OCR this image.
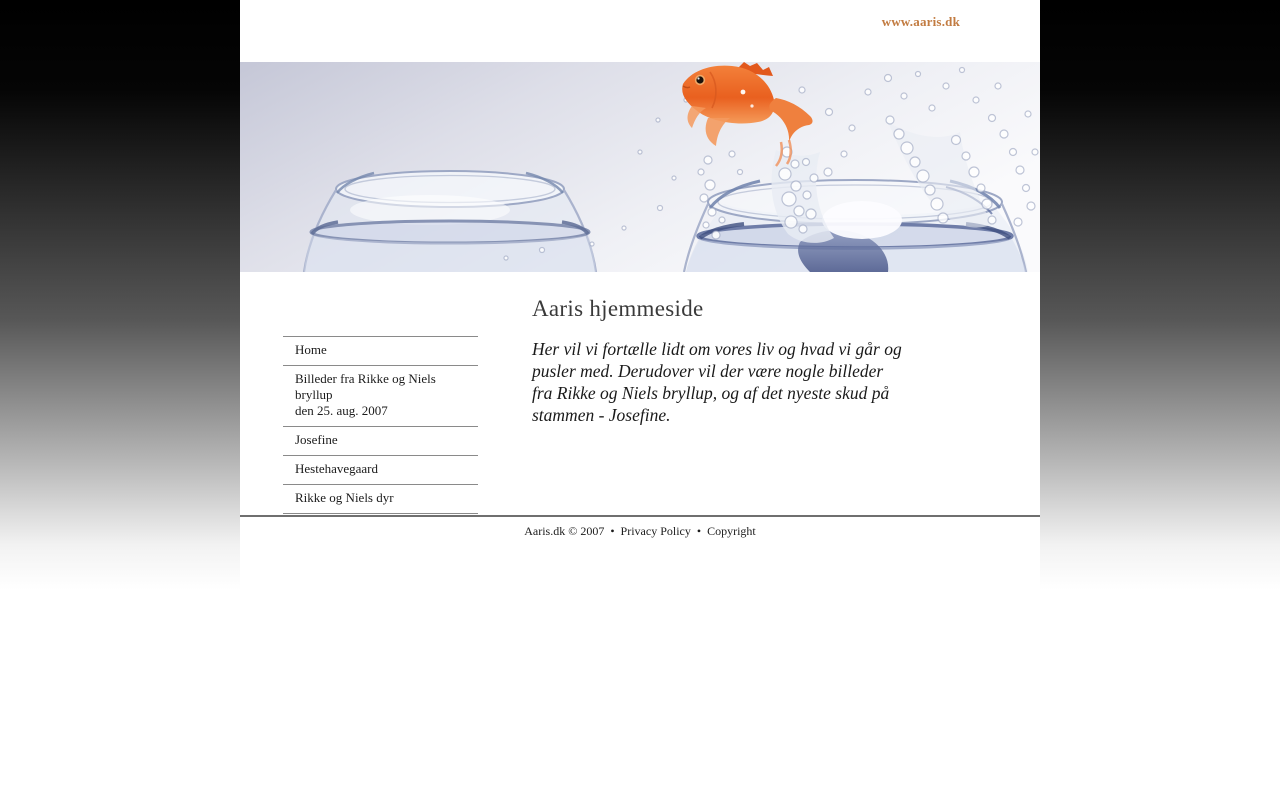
www.aaris.dk
Home
Billeder fra Rikke og Niels bryllup
den 25. aug. 2007
Josefine
Hestehavegaard
Rikke og Niels dyr
Aaris hjemmeside

Her vil vi fortælle lidt om vores liv og hvad vi går og
pusler med. Derudover vil der være nogle billeder
fra Rikke og Niels bryllup, og af det nyeste skud på
stammen - Josefine.

Aaris.dk © 2007 • Privacy Policy • Copyright
